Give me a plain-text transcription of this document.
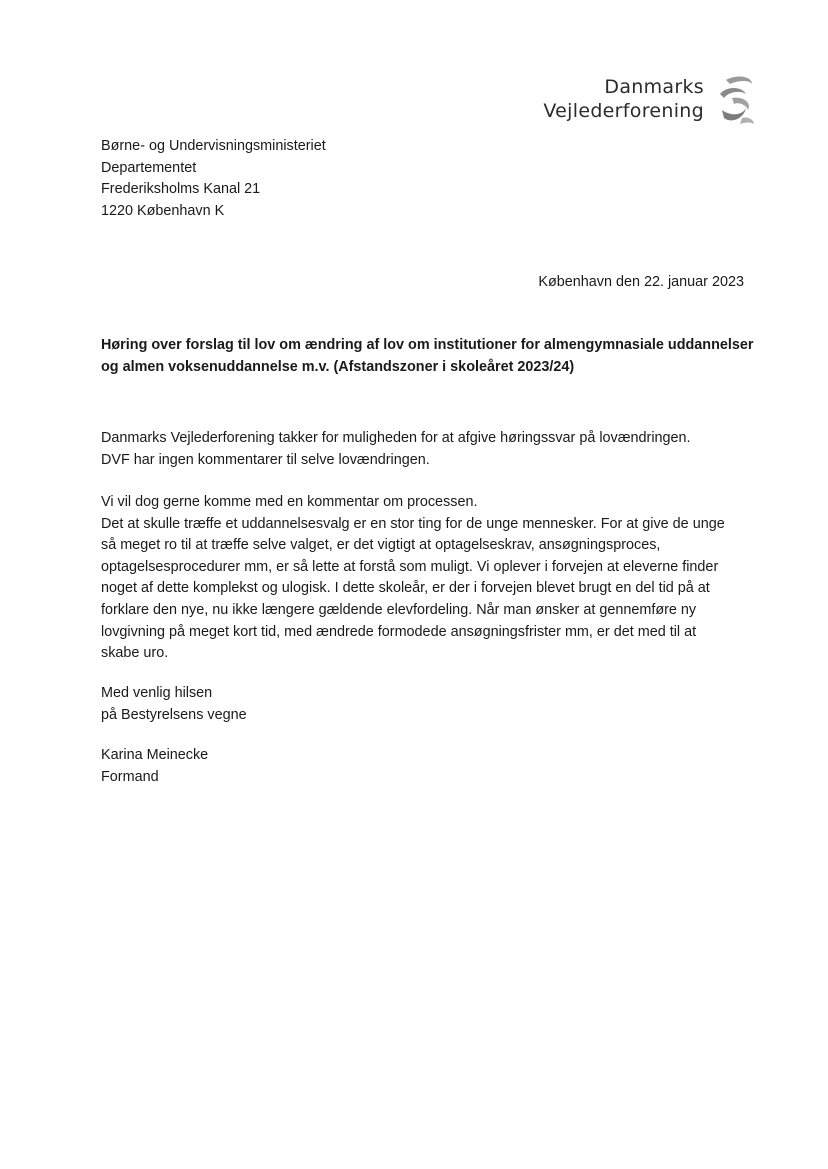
Danmarks
Vejlederforening
Børne- og Undervisningsministeriet
Departementet
Frederiksholms Kanal 21
1220 København K
København den 22. januar 2023
Høring over forslag til lov om ændring af lov om institutioner for almengymnasiale uddannelser
og almen voksenuddannelse m.v. (Afstandszoner i skoleåret 2023/24)
Danmarks Vejlederforening takker for muligheden for at afgive høringssvar på lovændringen.
DVF har ingen kommentarer til selve lovændringen.
Vi vil dog gerne komme med en kommentar om processen.
Det at skulle træffe et uddannelsesvalg er en stor ting for de unge mennesker. For at give de unge
så meget ro til at træffe selve valget, er det vigtigt at optagelseskrav, ansøgningsproces,
optagelsesprocedurer mm, er så lette at forstå som muligt. Vi oplever i forvejen at eleverne finder
noget af dette komplekst og ulogisk. I dette skoleår, er der i forvejen blevet brugt en del tid på at
forklare den nye, nu ikke længere gældende elevfordeling. Når man ønsker at gennemføre ny
lovgivning på meget kort tid, med ændrede formodede ansøgningsfrister mm, er det med til at
skabe uro.
Med venlig hilsen
på Bestyrelsens vegne
Karina Meinecke
Formand
